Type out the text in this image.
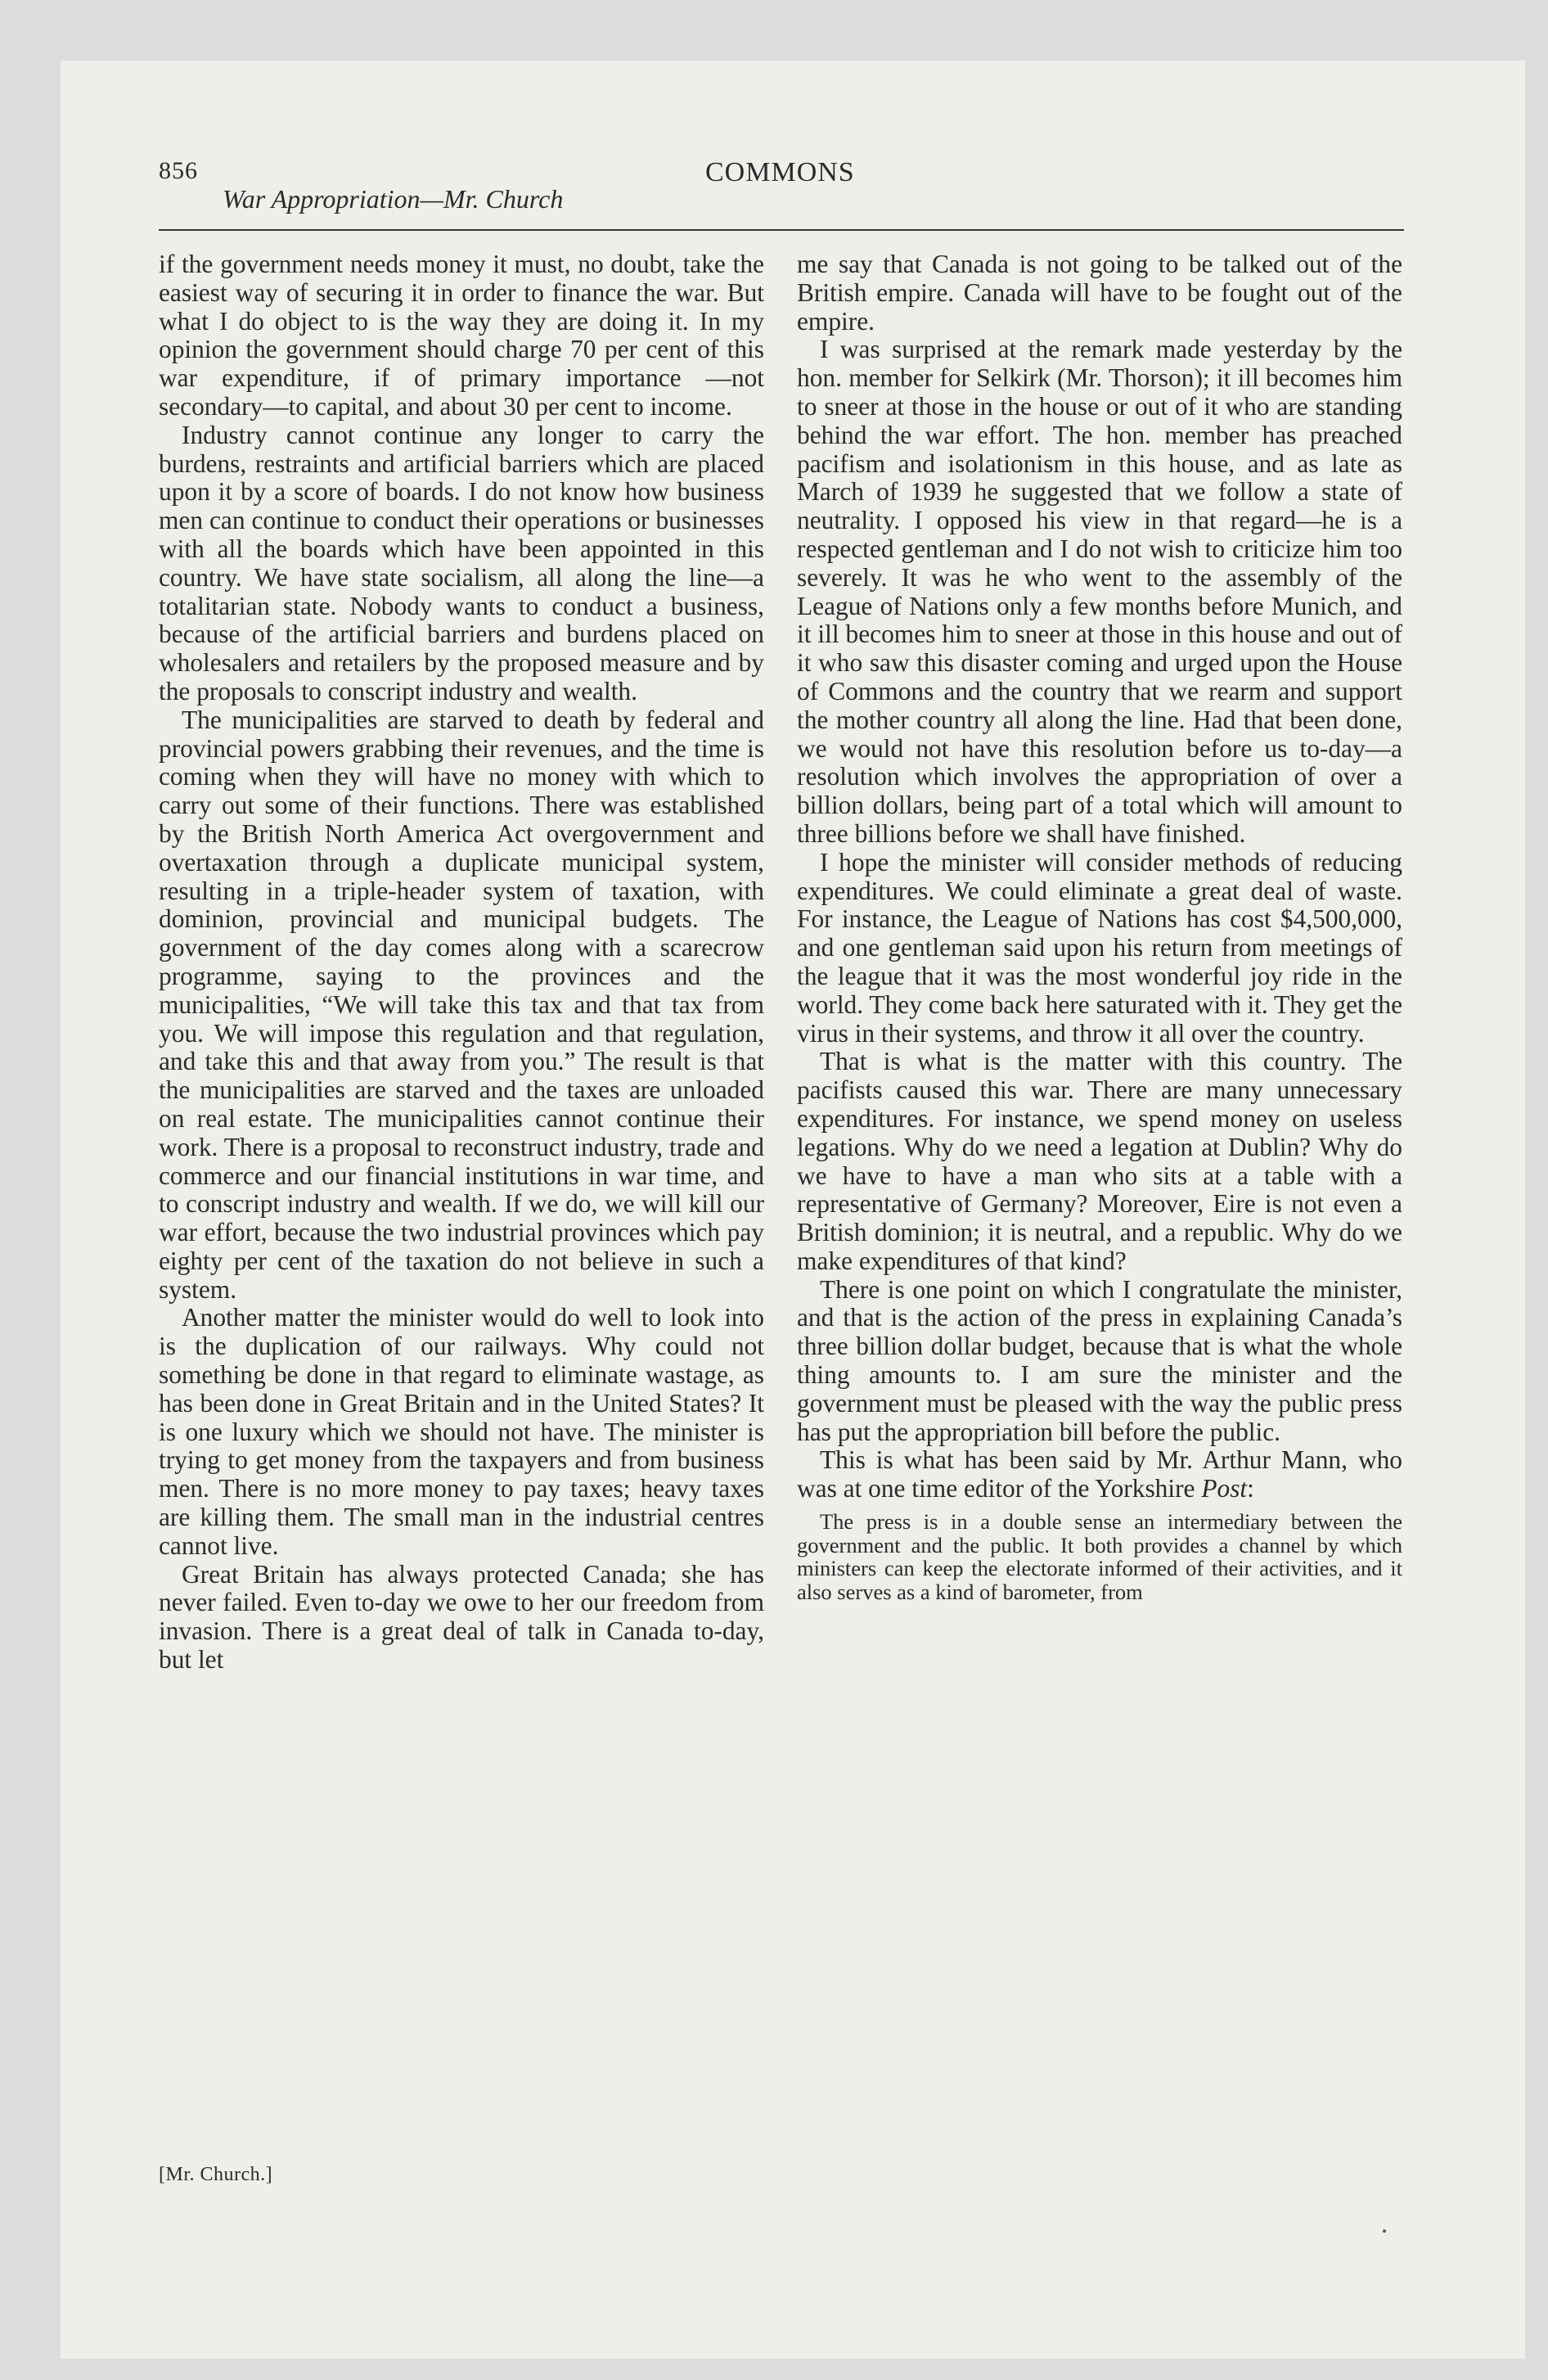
856	COMMONS
War Appropriation—Mr. Church

if the government needs money it must, no doubt, take the easiest way of securing it in order to finance the war. But what I do object to is the way they are doing it. In my opinion the government should charge 70 per cent of this war expenditure, if of primary importance —not secondary—to capital, and about 30 per cent to income.

Industry cannot continue any longer to carry the burdens, restraints and artificial barriers which are placed upon it by a score of boards. I do not know how business men can continue to conduct their operations or businesses with all the boards which have been appointed in this country. We have state socialism, all along the line—a totalitarian state. Nobody wants to conduct a business, because of the artificial barriers and burdens placed on wholesalers and retailers by the proposed measure and by the proposals to conscript industry and wealth.

The municipalities are starved to death by federal and provincial powers grabbing their revenues, and the time is coming when they will have no money with which to carry out some of their functions. There was established by the British North America Act overgovernment and overtaxation through a duplicate municipal system, resulting in a triple-header system of taxation, with dominion, provincial and municipal budgets. The government of the day comes along with a scarecrow programme, saying to the provinces and the municipalities, “We will take this tax and that tax from you. We will impose this regulation and that regulation, and take this and that away from you.” The result is that the municipalities are starved and the taxes are unloaded on real estate. The municipalities cannot continue their work. There is a proposal to reconstruct industry, trade and commerce and our financial institutions in war time, and to conscript industry and wealth. If we do, we will kill our war effort, because the two industrial provinces which pay eighty per cent of the taxation do not believe in such a system.

Another matter the minister would do well to look into is the duplication of our railways. Why could not something be done in that regard to eliminate wastage, as has been done in Great Britain and in the United States? It is one luxury which we should not have. The minister is trying to get money from the taxpayers and from business men. There is no more money to pay taxes; heavy taxes are killing them. The small man in the industrial centres cannot live.

Great Britain has always protected Canada; she has never failed. Even to-day we owe to her our freedom from invasion. There is a great deal of talk in Canada to-day, but let

me say that Canada is not going to be talked out of the British empire. Canada will have to be fought out of the empire.

I was surprised at the remark made yesterday by the hon. member for Selkirk (Mr. Thorson); it ill becomes him to sneer at those in the house or out of it who are standing behind the war effort. The hon. member has preached pacifism and isolationism in this house, and as late as March of 1939 he suggested that we follow a state of neutrality. I opposed his view in that regard—he is a respected gentleman and I do not wish to criticize him too severely. It was he who went to the assembly of the League of Nations only a few months before Munich, and it ill becomes him to sneer at those in this house and out of it who saw this disaster coming and urged upon the House of Commons and the country that we rearm and support the mother country all along the line. Had that been done, we would not have this resolution before us to-day—a resolution which involves the appropriation of over a billion dollars, being part of a total which will amount to three billions before we shall have finished.

I hope the minister will consider methods of reducing expenditures. We could eliminate a great deal of waste. For instance, the League of Nations has cost $4,500,000, and one gentleman said upon his return from meetings of the league that it was the most wonderful joy ride in the world. They come back here saturated with it. They get the virus in their systems, and throw it all over the country.

That is what is the matter with this country. The pacifists caused this war. There are many unnecessary expenditures. For instance, we spend money on useless legations. Why do we need a legation at Dublin? Why do we have to have a man who sits at a table with a representative of Germany? Moreover, Eire is not even a British dominion; it is neutral, and a republic. Why do we make expenditures of that kind?

There is one point on which I congratulate the minister, and that is the action of the press in explaining Canada’s three billion dollar budget, because that is what the whole thing amounts to. I am sure the minister and the government must be pleased with the way the public press has put the appropriation bill before the public.

This is what has been said by Mr. Arthur Mann, who was at one time editor of the Yorkshire Post:

The press is in a double sense an intermediary between the government and the public. It both provides a channel by which ministers can keep the electorate informed of their activities, and it also serves as a kind of barometer, from

[Mr. Church.]
